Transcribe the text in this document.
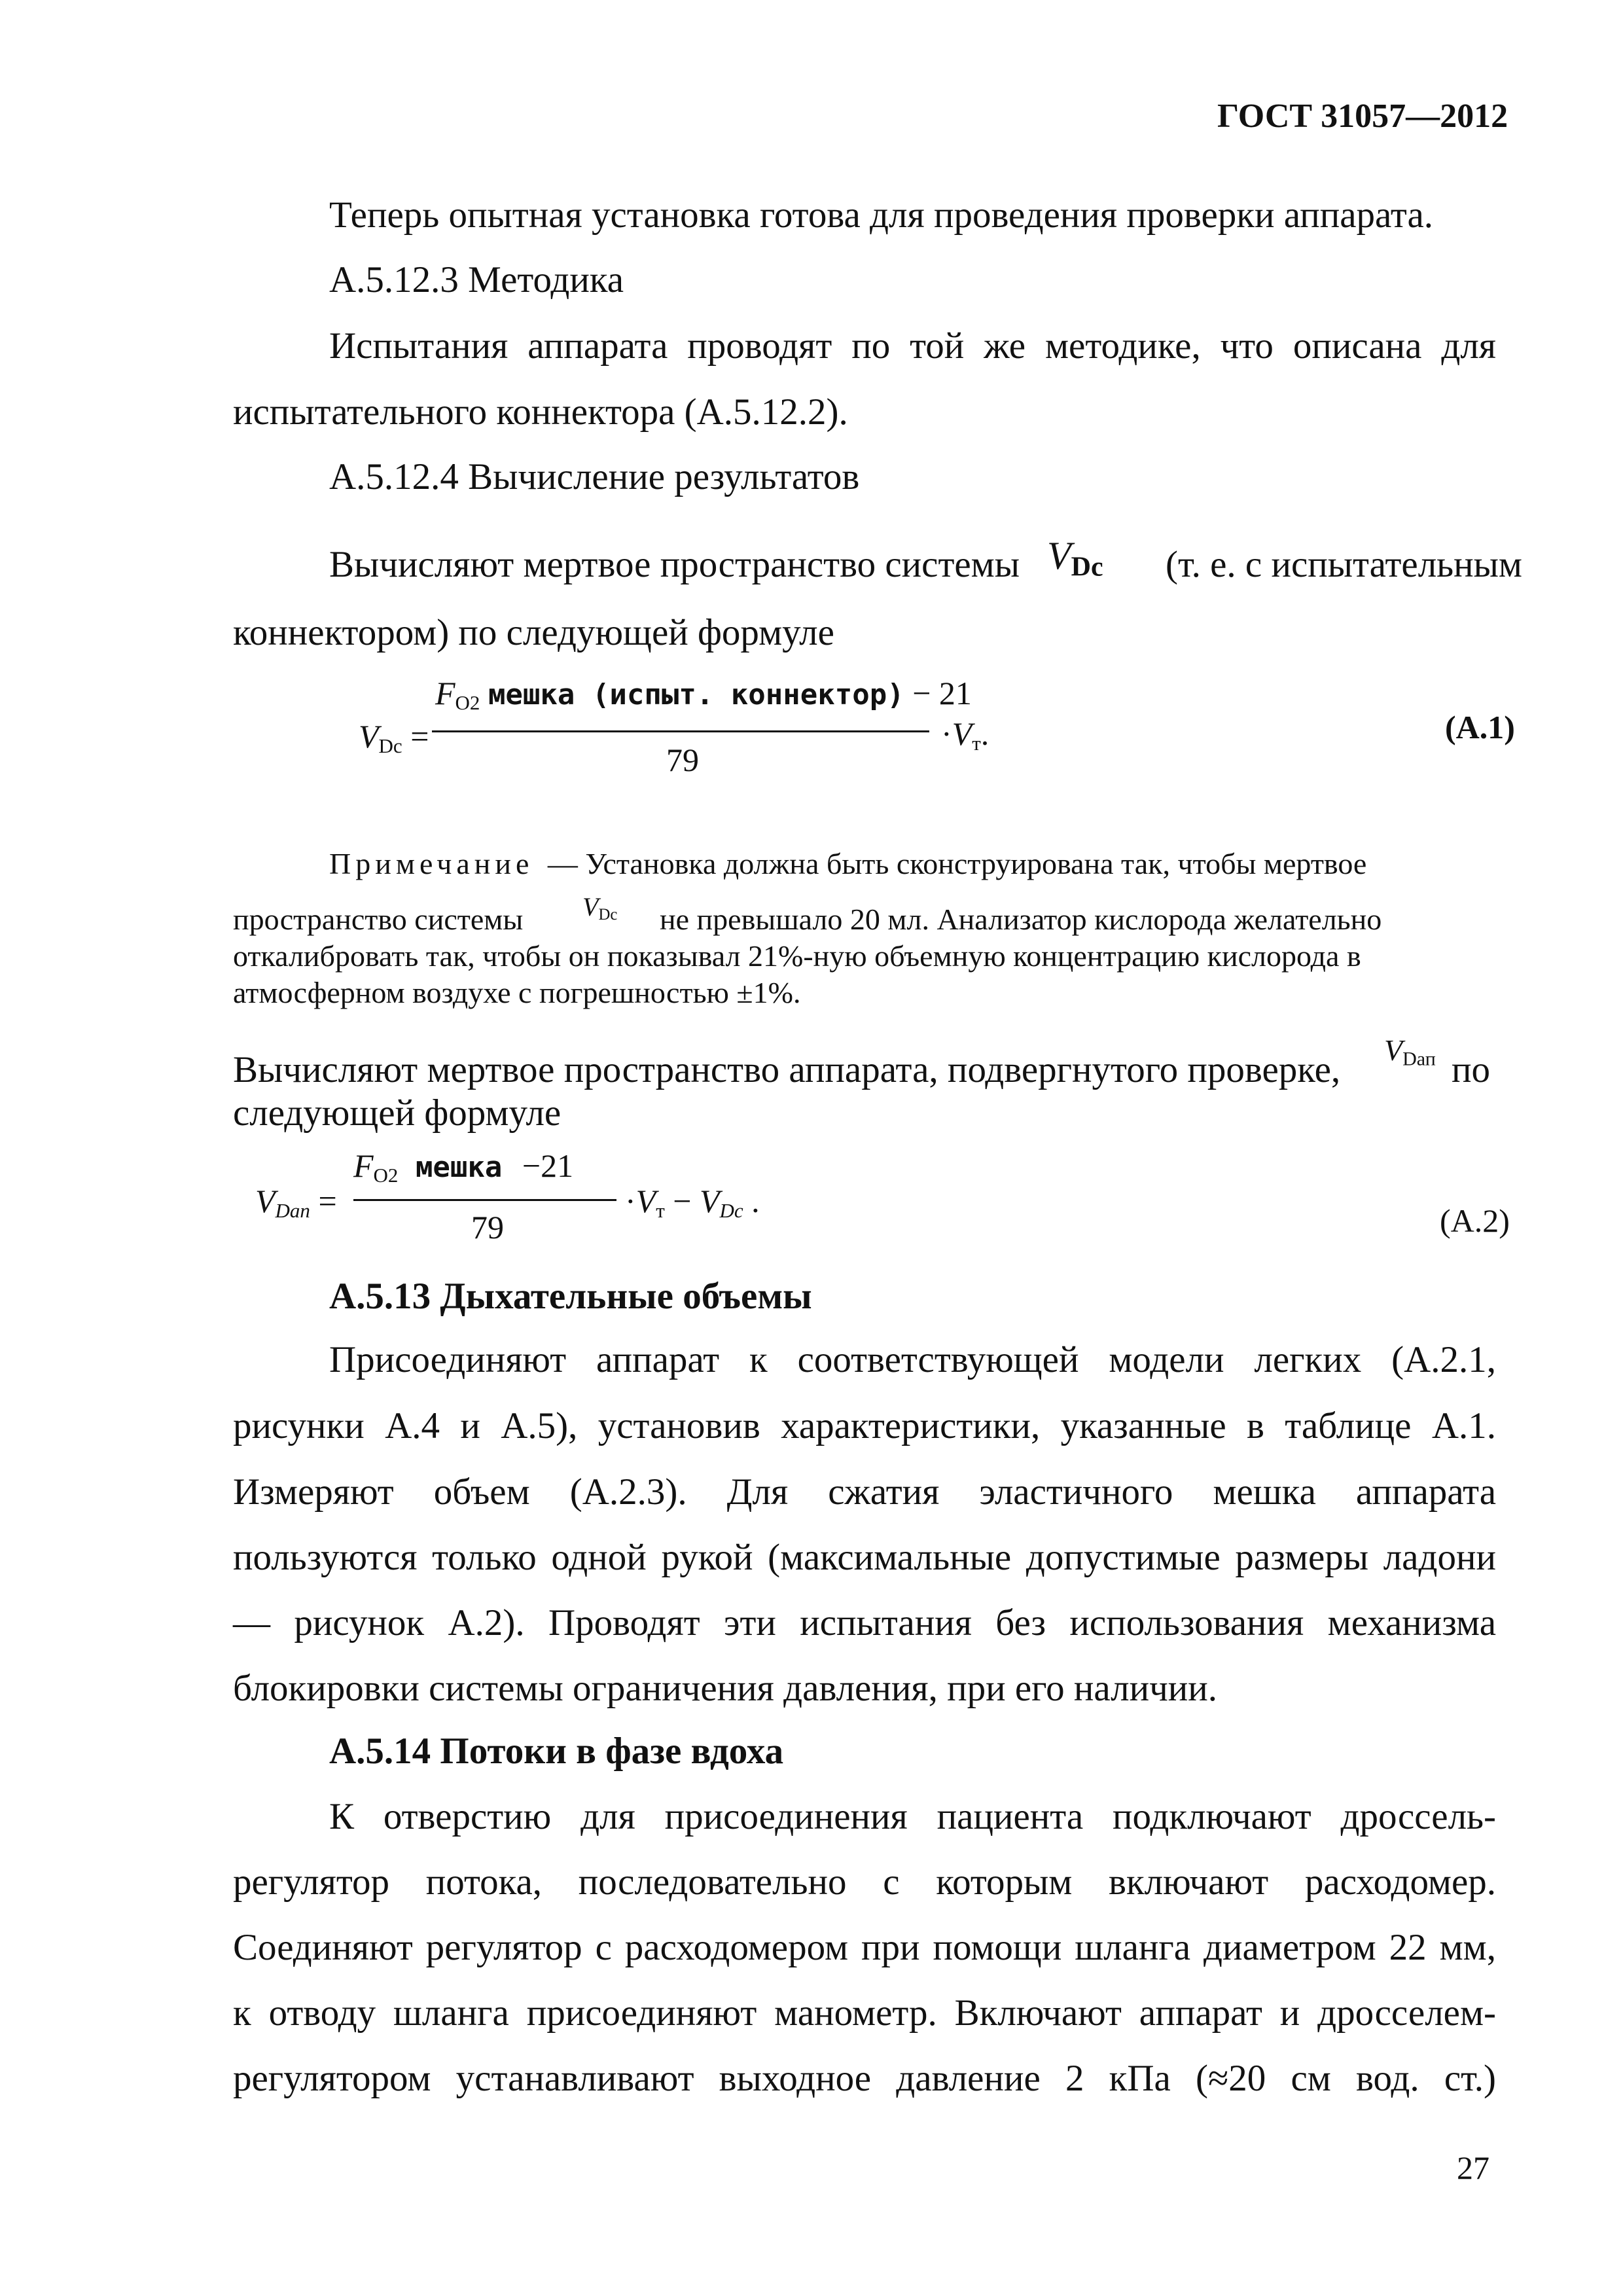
ГОСТ 31057—2012
Теперь опытная установка готова для проведения проверки аппарата.
А.5.12.3 Методика
Испытания аппарата проводят по той же методике, что описана для
испытательного коннектора (А.5.12.2).
А.5.12.4 Вычисление результатов
Вычисляют мертвое пространство системы $V_{Dc}$ (т. е. с испытательным
коннектором) по следующей формуле
$V_{Dc}$ =
$F_{O2}$ мешка (испыт. коннектор) − 21
79
$\cdot V_т$.	(A.1)
Примечание — Установка должна быть сконструирована так, чтобы мертвое
пространство системы $V_{Dc}$ не превышало 20 мл. Анализатор кислорода желательно
откалибровать так, чтобы он показывал 21%-ную объемную концентрацию кислорода в
атмосферном воздухе с погрешностью ±1%.
Вычисляют мертвое пространство аппарата, подвергнутого проверке, $V_{Dап}$ по
следующей формуле
$V_{Dап}$ =
$F_{O2}$ мешка −21
79
$\cdot V_т - V_{Dc}$ .
(A.2)
А.5.13 Дыхательные объемы
Присоединяют аппарат к соответствующей модели легких (А.2.1,
рисунки А.4 и А.5), установив характеристики, указанные в таблице А.1.
Измеряют объем (А.2.3). Для сжатия эластичного мешка аппарата
пользуются только одной рукой (максимальные допустимые размеры ладони
— рисунок А.2). Проводят эти испытания без использования механизма
блокировки системы ограничения давления, при его наличии.
А.5.14 Потоки в фазе вдоха
К отверстию для присоединения пациента подключают дроссель-
регулятор потока, последовательно с которым включают расходомер.
Соединяют регулятор с расходомером при помощи шланга диаметром 22 мм,
к отводу шланга присоединяют манометр. Включают аппарат и дросселем-
регулятором устанавливают выходное давление 2 кПа (≈20 см вод. ст.)
27
